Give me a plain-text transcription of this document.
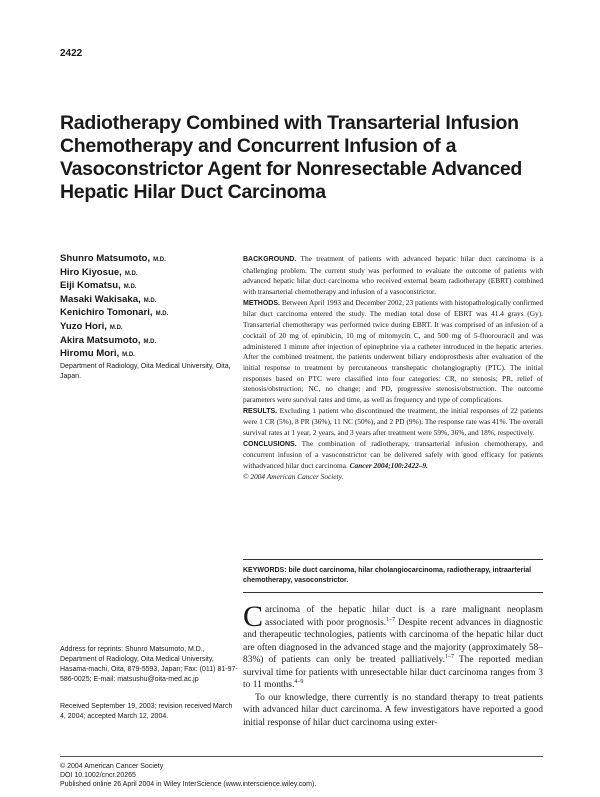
2422
Radiotherapy Combined with Transarterial Infusion Chemotherapy and Concurrent Infusion of a Vasoconstrictor Agent for Nonresectable Advanced Hepatic Hilar Duct Carcinoma
Shunro Matsumoto, M.D.
Hiro Kiyosue, M.D.
Eiji Komatsu, M.D.
Masaki Wakisaka, M.D.
Kenichiro Tomonari, M.D.
Yuzo Hori, M.D.
Akira Matsumoto, M.D.
Hiromu Mori, M.D.
Department of Radiology, Oita Medical University, Oita, Japan.

BACKGROUND. The treatment of patients with advanced hepatic hilar duct carcinoma is a challenging problem. The current study was performed to evaluate the outcome of patients with advanced hepatic hilar duct carcinoma who received external beam radiotherapy (EBRT) combined with transarterial chemotherapy and infusion of a vasoconstrictor.

METHODS. Between April 1993 and December 2002, 23 patients with histopathologically confirmed hilar duct carcinoma entered the study. The median total dose of EBRT was 41.4 grays (Gy). Transarterial chemotherapy was performed twice during EBRT. It was comprised of an infusion of a cocktail of 20 mg of epirubicin, 10 mg of mitomycin C, and 500 mg of 5-fluorouracil and was administered 1 minute after injection of epinephrine via a catheter introduced in the hepatic arteries. After the combined treatment, the patients underwent biliary endoprosthesis after evaluation of the initial response to treatment by percutaneous transhepatic cholangiography (PTC). The initial responses based on PTC were classified into four categories: CR, no stenosis; PR, relief of stenosis/obstruction; NC, no change; and PD, progressive stenosis/obstruction. The outcome parameters were survival rates and time, as well as frequency and type of complications.

RESULTS. Excluding 1 patient who discontinued the treatment, the initial responses of 22 patients were 1 CR (5%), 8 PR (36%), 11 NC (50%), and 2 PD (9%). The response rate was 41%. The overall survival rates at 1 year, 2 years, and 3 years after treatment were 59%, 36%, and 18%, respectively.

CONCLUSIONS. The combination of radiotherapy, transarterial infusion chemotherapy, and concurrent infusion of a vasoconstrictor can be delivered safely with good efficacy for patients withadvanced hilar duct carcinoma. Cancer 2004;100:2422–9.

© 2004 American Cancer Society.

KEYWORDS: bile duct carcinoma, hilar cholangiocarcinoma, radiotherapy, intraarterial chemotherapy, vasoconstrictor.

Carcinoma of the hepatic hilar duct is a rare malignant neoplasm associated with poor prognosis.$^{1-7}$ Despite recent advances in diagnostic and therapeutic technologies, patients with carcinoma of the hepatic hilar duct are often diagnosed in the advanced stage and the majority (approximately 58–83%) of patients can only be treated palliatively.$^{1-7}$ The reported median survival time for patients with unresectable hilar duct carcinoma ranges from 3 to 11 months.$^{4-9}$

To our knowledge, there currently is no standard therapy to treat patients with advanced hilar duct carcinoma. A few investigators have reported a good initial response of hilar duct carcinoma using exter-

Address for reprints: Shunro Matsumoto, M.D., Department of Radiology, Oita Medical University, Hasama-machi, Oita, 879-5593, Japan; Fax: (011) 81-97-586-0025; E-mail: matsushu@oita-med.ac.jp
Received September 19, 2003; revision received March 4, 2004; accepted March 12, 2004.
© 2004 American Cancer Society
DOI 10.1002/cncr.20265
Published online 26 April 2004 in Wiley InterScience (www.interscience.wiley.com).
